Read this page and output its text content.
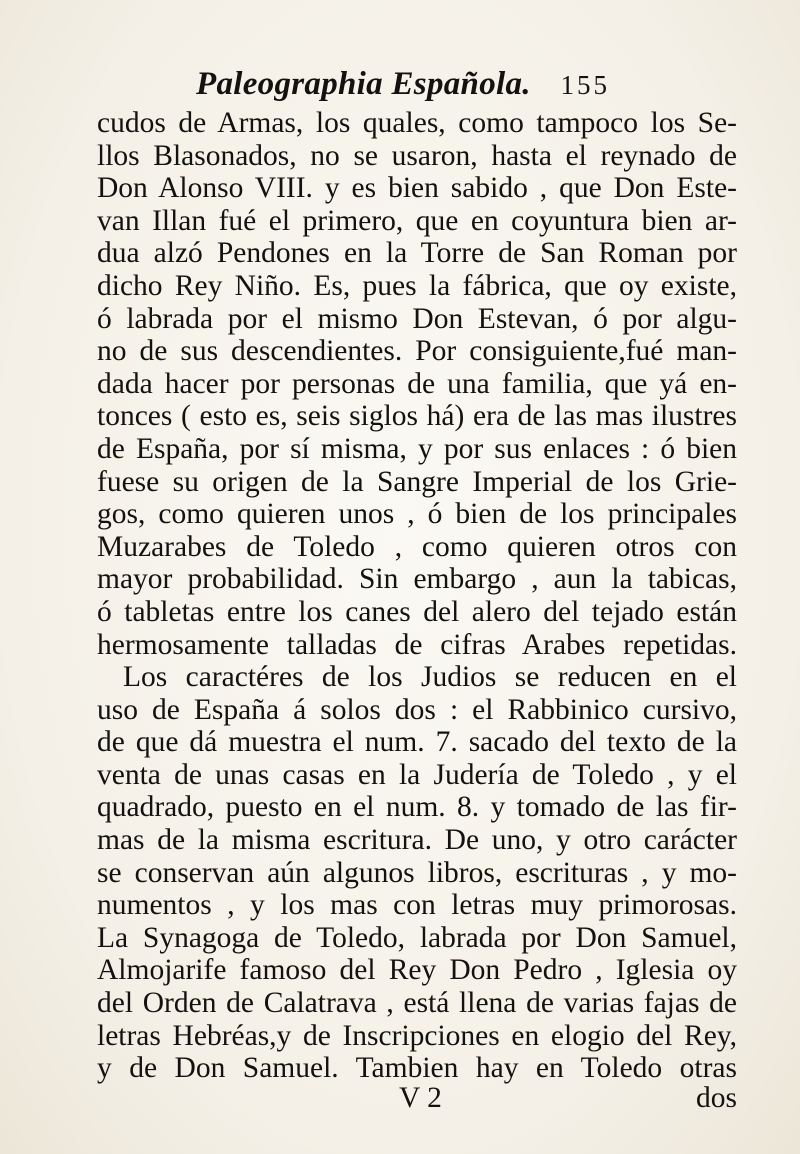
Paleographia Española. 155
cudos de Armas, los quales, como tampoco los Se-
llos Blasonados, no se usaron, hasta el reynado de
Don Alonso VIII. y es bien sabido , que Don Este-
van Illan fué el primero, que en coyuntura bien ar-
dua alzó Pendones en la Torre de San Roman por
dicho Rey Niño. Es, pues la fábrica, que oy existe,
ó labrada por el mismo Don Estevan, ó por algu-
no de sus descendientes. Por consiguiente,fué man-
dada hacer por personas de una familia, que yá en-
tonces ( esto es, seis siglos há) era de las mas ilustres
de España, por sí misma, y por sus enlaces : ó bien
fuese su origen de la Sangre Imperial de los Grie-
gos, como quieren unos , ó bien de los principales
Muzarabes de Toledo , como quieren otros con
mayor probabilidad. Sin embargo , aun la tabicas,
ó tabletas entre los canes del alero del tejado están
hermosamente talladas de cifras Arabes repetidas.
Los caractéres de los Judios se reducen en el
uso de España á solos dos : el Rabbinico cursivo,
de que dá muestra el num. 7. sacado del texto de la
venta de unas casas en la Judería de Toledo , y el
quadrado, puesto en el num. 8. y tomado de las fir-
mas de la misma escritura. De uno, y otro carácter
se conservan aún algunos libros, escrituras , y mo-
numentos , y los mas con letras muy primorosas.
La Synagoga de Toledo, labrada por Don Samuel,
Almojarife famoso del Rey Don Pedro , Iglesia oy
del Orden de Calatrava , está llena de varias fajas de
letras Hebréas,y de Inscripciones en elogio del Rey,
y de Don Samuel. Tambien hay en Toledo otras
V 2	dos
